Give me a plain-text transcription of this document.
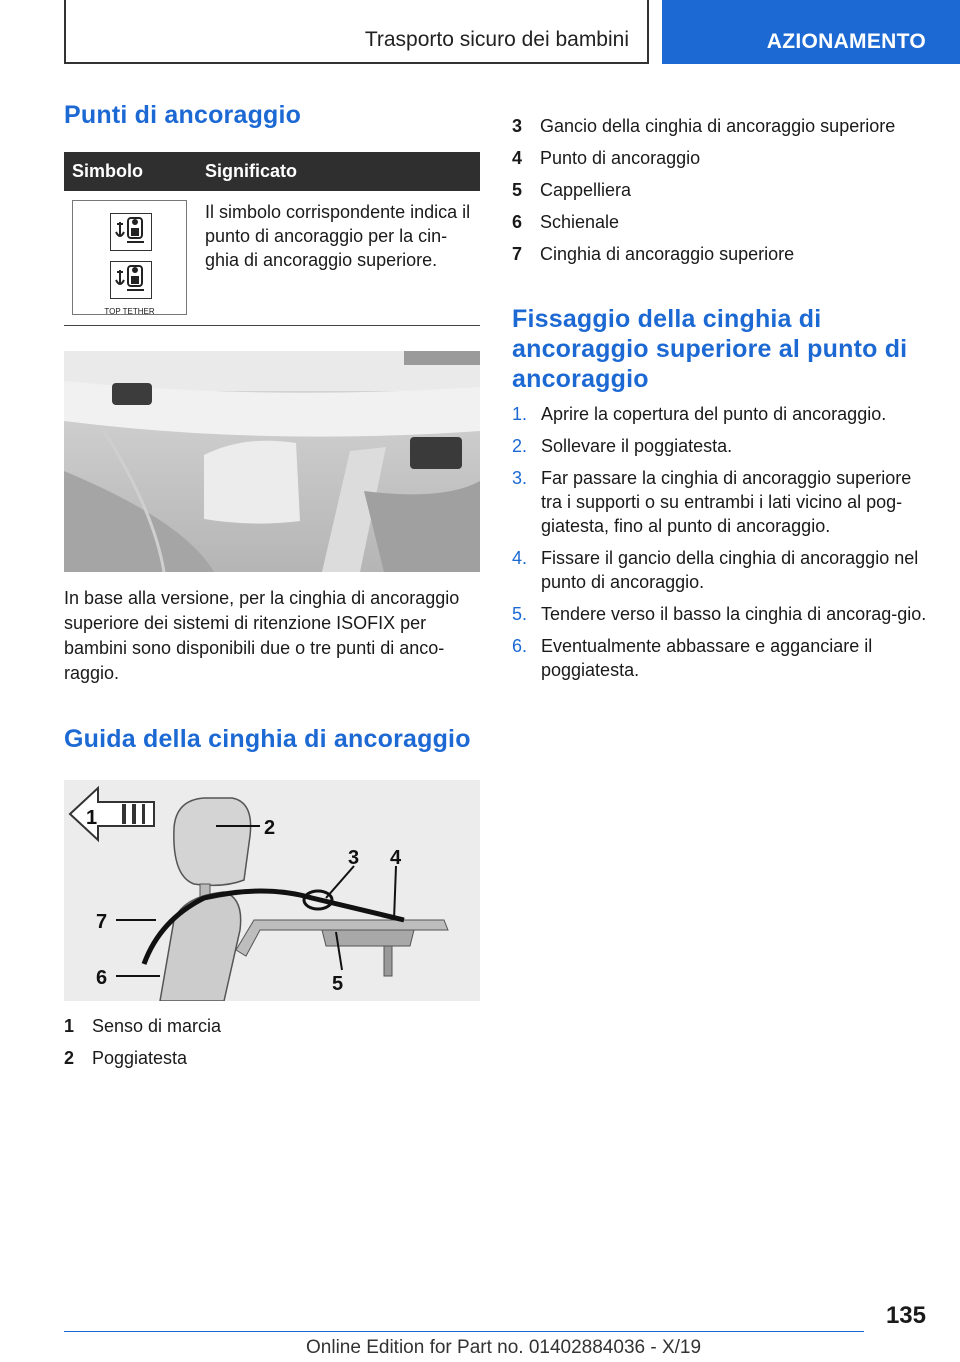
Trasporto sicuro dei bambini	AZIONAMENTO
Punti di ancoraggio
Simbolo	Significato

TOP TETHER	Il simbolo corrispondente indica il punto di ancoraggio per la cin-ghia di ancoraggio superiore.

In base alla versione, per la cinghia di ancoraggio superiore dei sistemi di ritenzione ISOFIX per bambini sono disponibili due o tre punti di anco-raggio.

Guida della cinghia di ancoraggio
1	2
3 4
5
6
7
1 Senso di marcia
2 Poggiatesta
3 Gancio della cinghia di ancoraggio superiore
4 Punto di ancoraggio
5 Cappelliera
6 Schienale
7 Cinghia di ancoraggio superiore
Fissaggio della cinghia di ancoraggio superiore al punto di ancoraggio
1. Aprire la copertura del punto di ancoraggio.
2. Sollevare il poggiatesta.
3. Far passare la cinghia di ancoraggio superiore tra i supporti o su entrambi i lati vicino al pog-giatesta, fino al punto di ancoraggio.
4. Fissare il gancio della cinghia di ancoraggio nel punto di ancoraggio.
5. Tendere verso il basso la cinghia di ancorag-gio.
6. Eventualmente abbassare e agganciare il poggiatesta.
135
Online Edition for Part no. 01402884036 - X/19
